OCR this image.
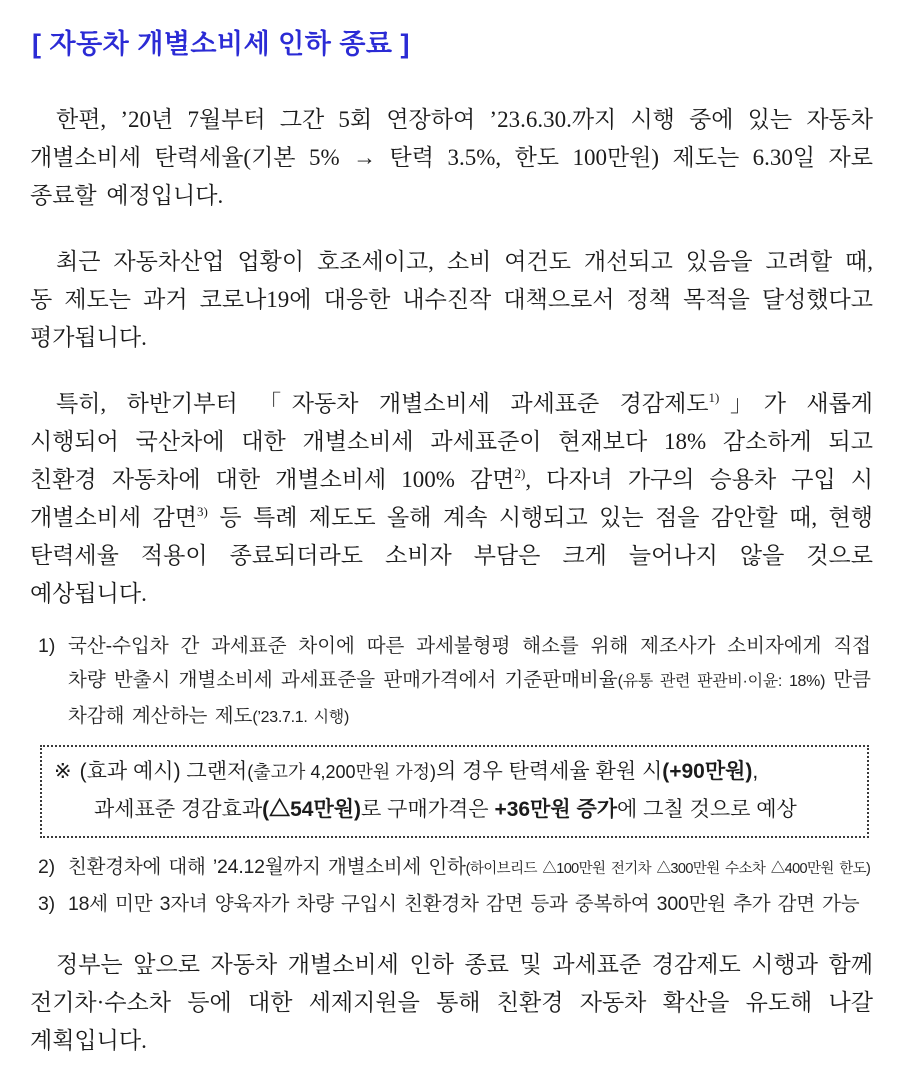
[ 자동차 개별소비세 인하 종료 ]

한편, ’20년 7월부터 그간 5회 연장하여 ’23.6.30.까지 시행 중에 있는 자동차 개별소비세 탄력세율(기본 5% → 탄력 3.5%, 한도 100만원) 제도는 6.30일 자로 종료할 예정입니다.

최근 자동차산업 업황이 호조세이고, 소비 여건도 개선되고 있음을 고려할 때, 동 제도는 과거 코로나19에 대응한 내수진작 대책으로서 정책 목적을 달성했다고 평가됩니다.

특히, 하반기부터 「자동차 개별소비세 과세표준 경감제도$^{1)}$」가 새롭게 시행되어 국산차에 대한 개별소비세 과세표준이 현재보다 18% 감소하게 되고 친환경 자동차에 대한 개별소비세 100% 감면$^{2)}$, 다자녀 가구의 승용차 구입 시 개별소비세 감면$^{3)}$ 등 특례 제도도 올해 계속 시행되고 있는 점을 감안할 때, 현행 탄력세율 적용이 종료되더라도 소비자 부담은 크게 늘어나지 않을 것으로 예상됩니다.

1) 국산-수입차 간 과세표준 차이에 따른 과세불형평 해소를 위해 제조사가 소비자에게 직접 차량 반출시 개별소비세 과세표준을 판매가격에서 기준판매비율(유통 관련 판관비·이윤: 18%) 만큼 차감해 계산하는 제도(’23.7.1. 시행)
※ (효과 예시) 그랜저(출고가 4,200만원 가정)의 경우 탄력세율 환원 시(+90만원),
과세표준 경감효과(△54만원)로 구매가격은 +36만원 증가에 그칠 것으로 예상
2) 친환경차에 대해 ’24.12월까지 개별소비세 인하(하이브리드 △100만원 전기차 △300만원 수소차 △400만원 한도)
3) 18세 미만 3자녀 양육자가 차량 구입시 친환경차 감면 등과 중복하여 300만원 추가 감면 가능

정부는 앞으로 자동차 개별소비세 인하 종료 및 과세표준 경감제도 시행과 함께 전기차·수소차 등에 대한 세제지원을 통해 친환경 자동차 확산을 유도해 나갈 계획입니다.
